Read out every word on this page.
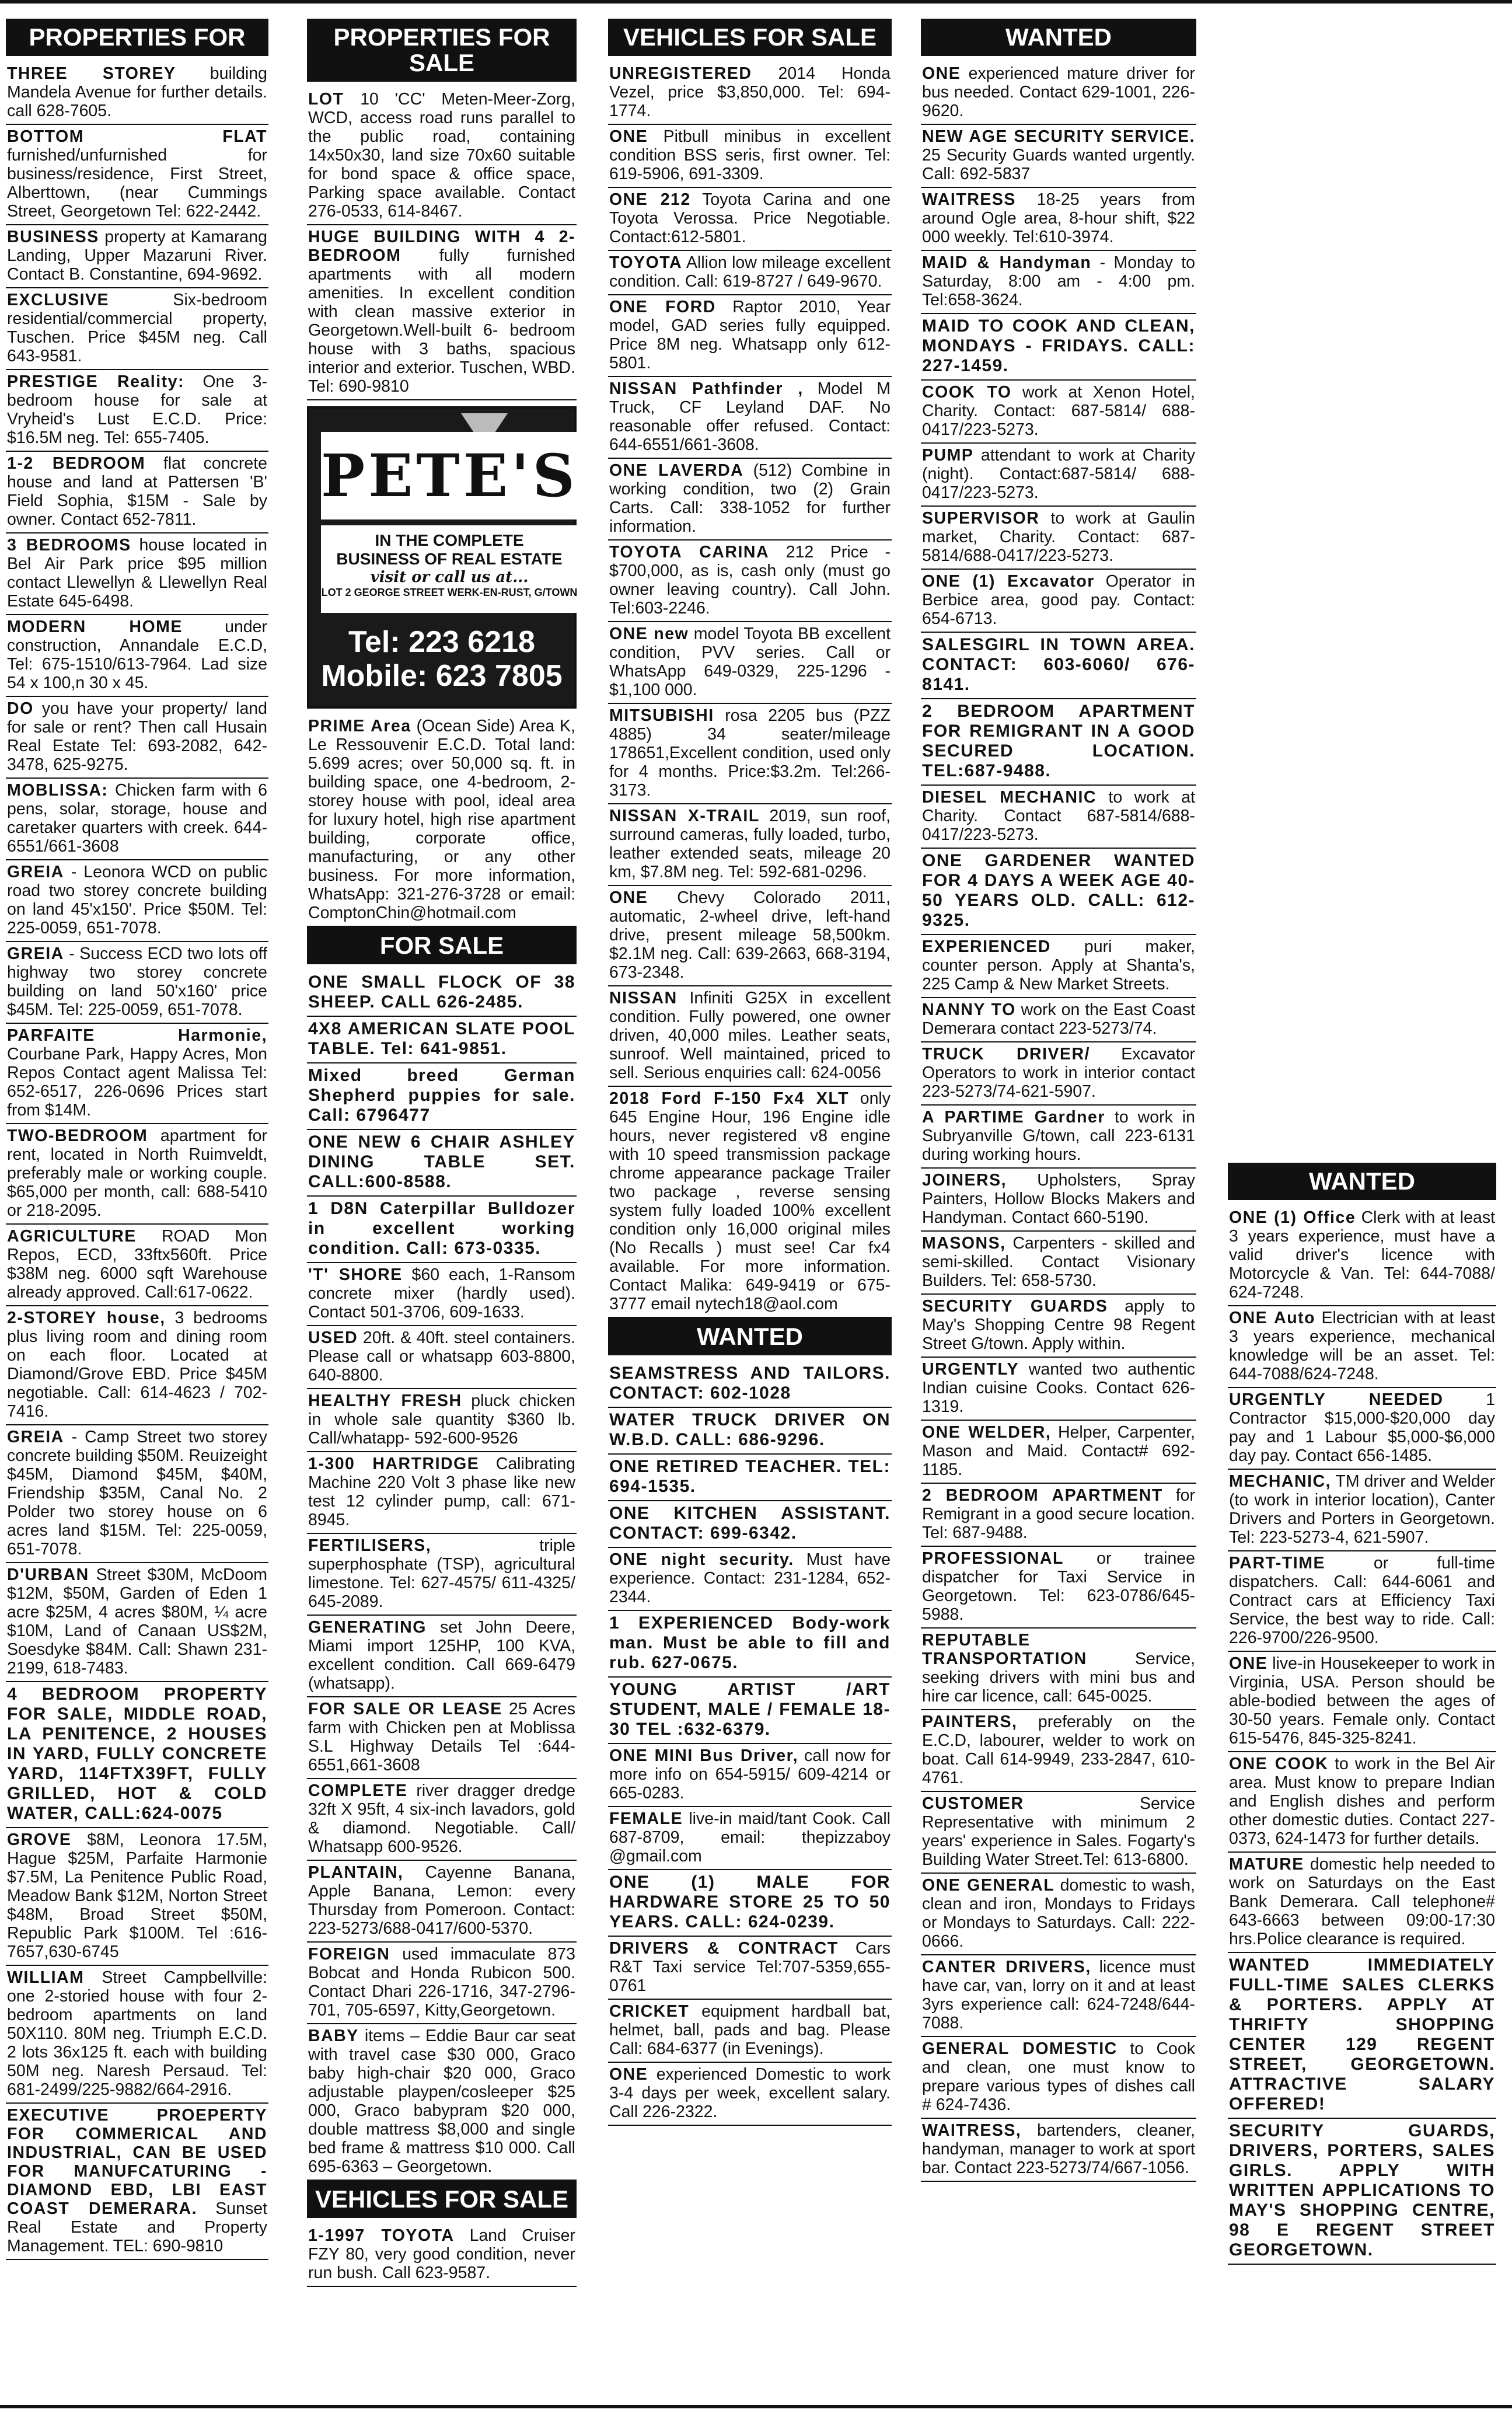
PROPERTIES FOR

THREE STOREY building Mandela Avenue for further details. call 628-7605.

BOTTOM FLAT furnished/unfurnished for business/residence, First Street, Alberttown, (near Cummings Street, Georgetown Tel: 622-2442.

BUSINESS property at Kamarang Landing, Upper Mazaruni River. Contact B. Constantine, 694-9692.

EXCLUSIVE Six-bedroom residential/commercial property, Tuschen. Price $45M neg. Call 643-9581.

PRESTIGE Reality: One 3-bedroom house for sale at Vryheid's Lust E.C.D. Price: $16.5M neg. Tel: 655-7405.

1-2 BEDROOM flat concrete house and land at Pattersen 'B' Field Sophia, $15M - Sale by owner. Contact 652-7811.

3 BEDROOMS house located in Bel Air Park price $95 million contact Llewellyn & Llewellyn Real Estate 645-6498.

MODERN HOME under construction, Annandale E.C.D, Tel: 675-1510/613-7964. Lad size 54 x 100,n 30 x 45.

DO you have your property/ land for sale or rent? Then call Husain Real Estate Tel: 693-2082, 642-3478, 625-9275.

MOBLISSA: Chicken farm with 6 pens, solar, storage, house and caretaker quarters with creek. 644-6551/661-3608

GREIA - Leonora WCD on public road two storey concrete building on land 45'x150'. Price $50M. Tel: 225-0059, 651-7078.

GREIA - Success ECD two lots off highway two storey concrete building on land 50'x160' price $45M. Tel: 225-0059, 651-7078.

PARFAITE Harmonie, Courbane Park, Happy Acres, Mon Repos Contact agent Malissa Tel: 652-6517, 226-0696 Prices start from $14M.

TWO-BEDROOM apartment for rent, located in North Ruimveldt, preferably male or working couple. $65,000 per month, call: 688-5410 or 218-2095.

AGRICULTURE ROAD Mon Repos, ECD, 33ftx560ft. Price $38M neg. 6000 sqft Warehouse already approved. Call:617-0622.

2-STOREY house, 3 bedrooms plus living room and dining room on each floor. Located at Diamond/Grove EBD. Price $45M negotiable. Call: 614-4623 / 702-7416.

GREIA - Camp Street two storey concrete building $50M. Reuizeight $45M, Diamond $45M, $40M, Friendship $35M, Canal No. 2 Polder two storey house on 6 acres land $15M. Tel: 225-0059, 651-7078.

D'URBAN Street $30M, McDoom $12M, $50M, Garden of Eden 1 acre $25M, 4 acres $80M, ¼ acre $10M, Land of Canaan US$2M, Soesdyke $84M. Call: Shawn 231-2199, 618-7483.

4 BEDROOM PROPERTY FOR SALE, MIDDLE ROAD, LA PENITENCE, 2 HOUSES IN YARD, FULLY CONCRETE YARD, 114FTX39FT, FULLY GRILLED, HOT & COLD WATER, CALL:624-0075

GROVE $8M, Leonora 17.5M, Hague $25M, Parfaite Harmonie $7.5M, La Penitence Public Road, Meadow Bank $12M, Norton Street $48M, Broad Street $50M, Republic Park $100M. Tel :616-7657,630-6745

WILLIAM Street Campbellville: one 2-storied house with four 2-bedroom apartments on land 50X110. 80M neg. Triumph E.C.D. 2 lots 36x125 ft. each with building 50M neg. Naresh Persaud. Tel: 681-2499/225-9882/664-2916.

EXECUTIVE PROEPERTY FOR COMMERICAL AND INDUSTRIAL, CAN BE USED FOR MANUFCATURING - DIAMOND EBD, LBI EAST COAST DEMERARA. Sunset Real Estate and Property Management. TEL: 690-9810

PROPERTIES FOR SALE

LOT 10 'CC' Meten-Meer-Zorg, WCD, access road runs parallel to the public road, containing 14x50x30, land size 70x60 suitable for bond space & office space, Parking space available. Contact 276-0533, 614-8467.

HUGE BUILDING WITH 4 2- BEDROOM fully furnished apartments with all modern amenities. In excellent condition with clean massive exterior in Georgetown.Well-built 6- bedroom house with 3 baths, spacious interior and exterior. Tuschen, WBD. Tel: 690-9810

PETE'S
IN THE COMPLETE
BUSINESS OF REAL ESTATE
visit or call us at...
LOT 2 GEORGE STREET WERK-EN-RUST, G/TOWN
Tel: 223 6218
Mobile: 623 7805

PRIME Area (Ocean Side) Area K, Le Ressouvenir E.C.D. Total land: 5.699 acres; over 50,000 sq. ft. in building space, one 4-bedroom, 2-storey house with pool, ideal area for luxury hotel, high rise apartment building, corporate office, manufacturing, or any other business. For more information, WhatsApp: 321-276-3728 or email: ComptonChin@hotmail.com

FOR SALE

ONE SMALL FLOCK OF 38 SHEEP. CALL 626-2485.

4X8 AMERICAN SLATE POOL TABLE. Tel: 641-9851.

Mixed breed German Shepherd puppies for sale. Call: 6796477

ONE NEW 6 CHAIR ASHLEY DINING TABLE SET. CALL:600-8588.

1 D8N Caterpillar Bulldozer in excellent working condition. Call: 673-0335.

'T' SHORE $60 each, 1-Ransom concrete mixer (hardly used). Contact 501-3706, 609-1633.

USED 20ft. & 40ft. steel containers. Please call or whatsapp 603-8800, 640-8800.

HEALTHY FRESH pluck chicken in whole sale quantity $360 lb. Call/whatapp- 592-600-9526

1-300 HARTRIDGE Calibrating Machine 220 Volt 3 phase like new test 12 cylinder pump, call: 671-8945.

FERTILISERS, triple superphosphate (TSP), agricultural limestone. Tel: 627-4575/ 611-4325/ 645-2089.

GENERATING set John Deere, Miami import 125HP, 100 KVA, excellent condition. Call 669-6479 (whatsapp).

FOR SALE OR LEASE 25 Acres farm with Chicken pen at Moblissa S.L Highway Details Tel :644-6551,661-3608

COMPLETE river dragger dredge 32ft X 95ft, 4 six-inch lavadors, gold & diamond. Negotiable. Call/ Whatsapp 600-9526.

PLANTAIN, Cayenne Banana, Apple Banana, Lemon: every Thursday from Pomeroon. Contact: 223-5273/688-0417/600-5370.

FOREIGN used immaculate 873 Bobcat and Honda Rubicon 500. Contact Dhari 226-1716, 347-2796-701, 705-6597, Kitty,Georgetown.

BABY items – Eddie Baur car seat with travel case $30 000, Graco baby high-chair $20 000, Graco adjustable playpen/cosleeper $25 000, Graco babypram $20 000, double mattress $8,000 and single bed frame & mattress $10 000. Call 695-6363 – Georgetown.

VEHICLES FOR SALE

1-1997 TOYOTA Land Cruiser FZY 80, very good condition, never run bush. Call 623-9587.

VEHICLES FOR SALE

UNREGISTERED 2014 Honda Vezel, price $3,850,000. Tel: 694-1774.

ONE Pitbull minibus in excellent condition BSS seris, first owner. Tel: 619-5906, 691-3309.

ONE 212 Toyota Carina and one Toyota Verossa. Price Negotiable. Contact:612-5801.

TOYOTA Allion low mileage excellent condition. Call: 619-8727 / 649-9670.

ONE FORD Raptor 2010, Year model, GAD series fully equipped. Price 8M neg. Whatsapp only 612-5801.

NISSAN Pathfinder , Model M Truck, CF Leyland DAF. No reasonable offer refused. Contact: 644-6551/661-3608.

ONE LAVERDA (512) Combine in working condition, two (2) Grain Carts. Call: 338-1052 for further information.

TOYOTA CARINA 212 Price - $700,000, as is, cash only (must go owner leaving country). Call John. Tel:603-2246.

ONE new model Toyota BB excellent condition, PVV series. Call or WhatsApp 649-0329, 225-1296 - $1,100 000.

MITSUBISHI rosa 2205 bus (PZZ 4885) 34 seater/mileage 178651,Excellent condition, used only for 4 months. Price:$3.2m. Tel:266-3173.

NISSAN X-TRAIL 2019, sun roof, surround cameras, fully loaded, turbo, leather extended seats, mileage 20 km, $7.8M neg. Tel: 592-681-0296.

ONE Chevy Colorado 2011, automatic, 2-wheel drive, left-hand drive, present mileage 58,500km. $2.1M neg. Call: 639-2663, 668-3194, 673-2348.

NISSAN Infiniti G25X in excellent condition. Fully powered, one owner driven, 40,000 miles. Leather seats, sunroof. Well maintained, priced to sell. Serious enquiries call: 624-0056

2018 Ford F-150 Fx4 XLT only 645 Engine Hour, 196 Engine idle hours, never registered v8 engine with 10 speed transmission package chrome appearance package Trailer two package , reverse sensing system fully loaded 100% excellent condition only 16,000 original miles (No Recalls ) must see! Car fx4 available. For more information. Contact Malika: 649-9419 or 675-3777 email nytech18@aol.com

WANTED

SEAMSTRESS AND TAILORS. CONTACT: 602-1028

WATER TRUCK DRIVER ON W.B.D. CALL: 686-9296.

ONE RETIRED TEACHER. TEL: 694-1535.

ONE KITCHEN ASSISTANT. CONTACT: 699-6342.

ONE night security. Must have experience. Contact: 231-1284, 652-2344.

1 EXPERIENCED Body-work man. Must be able to fill and rub. 627-0675.

YOUNG ARTIST /ART STUDENT, MALE / FEMALE 18-30 TEL :632-6379.

ONE MINI Bus Driver, call now for more info on 654-5915/ 609-4214 or 665-0283.

FEMALE live-in maid/tant Cook. Call 687-8709, email: thepizzaboy @gmail.com

ONE (1) MALE FOR HARDWARE STORE 25 TO 50 YEARS. CALL: 624-0239.

DRIVERS & CONTRACT Cars R&T Taxi service Tel:707-5359,655-0761

CRICKET equipment hardball bat, helmet, ball, pads and bag. Please Call: 684-6377 (in Evenings).

ONE experienced Domestic to work 3-4 days per week, excellent salary. Call 226-2322.

WANTED

ONE experienced mature driver for bus needed. Contact 629-1001, 226-9620.

NEW AGE SECURITY SERVICE. 25 Security Guards wanted urgently. Call: 692-5837

WAITRESS 18-25 years from around Ogle area, 8-hour shift, $22 000 weekly. Tel:610-3974.

MAID & Handyman - Monday to Saturday, 8:00 am - 4:00 pm. Tel:658-3624.

MAID TO COOK AND CLEAN, MONDAYS - FRIDAYS. CALL: 227-1459.

COOK TO work at Xenon Hotel, Charity. Contact: 687-5814/ 688-0417/223-5273.

PUMP attendant to work at Charity (night). Contact:687-5814/ 688-0417/223-5273.

SUPERVISOR to work at Gaulin market, Charity. Contact: 687-5814/688-0417/223-5273.

ONE (1) Excavator Operator in Berbice area, good pay. Contact: 654-6713.

SALESGIRL IN TOWN AREA. CONTACT: 603-6060/ 676-8141.

2 BEDROOM APARTMENT FOR REMIGRANT IN A GOOD SECURED LOCATION. TEL:687-9488.

DIESEL MECHANIC to work at Charity. Contact 687-5814/688-0417/223-5273.

ONE GARDENER WANTED FOR 4 DAYS A WEEK AGE 40-50 YEARS OLD. CALL: 612-9325.

EXPERIENCED puri maker, counter person. Apply at Shanta's, 225 Camp & New Market Streets.

NANNY TO work on the East Coast Demerara contact 223-5273/74.

TRUCK DRIVER/ Excavator Operators to work in interior contact 223-5273/74-621-5907.

A PARTIME Gardner to work in Subryanville G/town, call 223-6131 during working hours.

JOINERS, Upholsters, Spray Painters, Hollow Blocks Makers and Handyman. Contact 660-5190.

MASONS, Carpenters - skilled and semi-skilled. Contact Visionary Builders. Tel: 658-5730.

SECURITY GUARDS apply to May's Shopping Centre 98 Regent Street G/town. Apply within.

URGENTLY wanted two authentic Indian cuisine Cooks. Contact 626-1319.

ONE WELDER, Helper, Carpenter, Mason and Maid. Contact# 692-1185.

2 BEDROOM APARTMENT for Remigrant in a good secure location. Tel: 687-9488.

PROFESSIONAL or trainee dispatcher for Taxi Service in Georgetown. Tel: 623-0786/645-5988.

REPUTABLE TRANSPORTATION Service, seeking drivers with mini bus and hire car licence, call: 645-0025.

PAINTERS, preferably on the E.C.D, labourer, welder to work on boat. Call 614-9949, 233-2847, 610-4761.

CUSTOMER Service Representative with minimum 2 years' experience in Sales. Fogarty's Building Water Street.Tel: 613-6800.

ONE GENERAL domestic to wash, clean and iron, Mondays to Fridays or Mondays to Saturdays. Call: 222-0666.

CANTER DRIVERS, licence must have car, van, lorry on it and at least 3yrs experience call: 624-7248/644-7088.

GENERAL DOMESTIC to Cook and clean, one must know to prepare various types of dishes call # 624-7436.

WAITRESS, bartenders, cleaner, handyman, manager to work at sport bar. Contact 223-5273/74/667-1056.

WANTED

ONE (1) Office Clerk with at least 3 years experience, must have a valid driver's licence with Motorcycle & Van. Tel: 644-7088/ 624-7248.

ONE Auto Electrician with at least 3 years experience, mechanical knowledge will be an asset. Tel: 644-7088/624-7248.

URGENTLY NEEDED 1 Contractor $15,000-$20,000 day pay and 1 Labour $5,000-$6,000 day pay. Contact 656-1485.

MECHANIC, TM driver and Welder (to work in interior location), Canter Drivers and Porters in Georgetown. Tel: 223-5273-4, 621-5907.

PART-TIME or full-time dispatchers. Call: 644-6061 and Contract cars at Efficiency Taxi Service, the best way to ride. Call: 226-9700/226-9500.

ONE live-in Housekeeper to work in Virginia, USA. Person should be able-bodied between the ages of 30-50 years. Female only. Contact 615-5476, 845-325-8241.

ONE COOK to work in the Bel Air area. Must know to prepare Indian and English dishes and perform other domestic duties. Contact 227-0373, 624-1473 for further details.

MATURE domestic help needed to work on Saturdays on the East Bank Demerara. Call telephone# 643-6663 between 09:00-17:30 hrs.Police clearance is required.

WANTED IMMEDIATELY FULL-TIME SALES CLERKS & PORTERS. APPLY AT THRIFTY SHOPPING CENTER 129 REGENT STREET, GEORGETOWN. ATTRACTIVE SALARY OFFERED!

SECURITY GUARDS, DRIVERS, PORTERS, SALES GIRLS. APPLY WITH WRITTEN APPLICATIONS TO MAY'S SHOPPING CENTRE, 98 E REGENT STREET GEORGETOWN.
